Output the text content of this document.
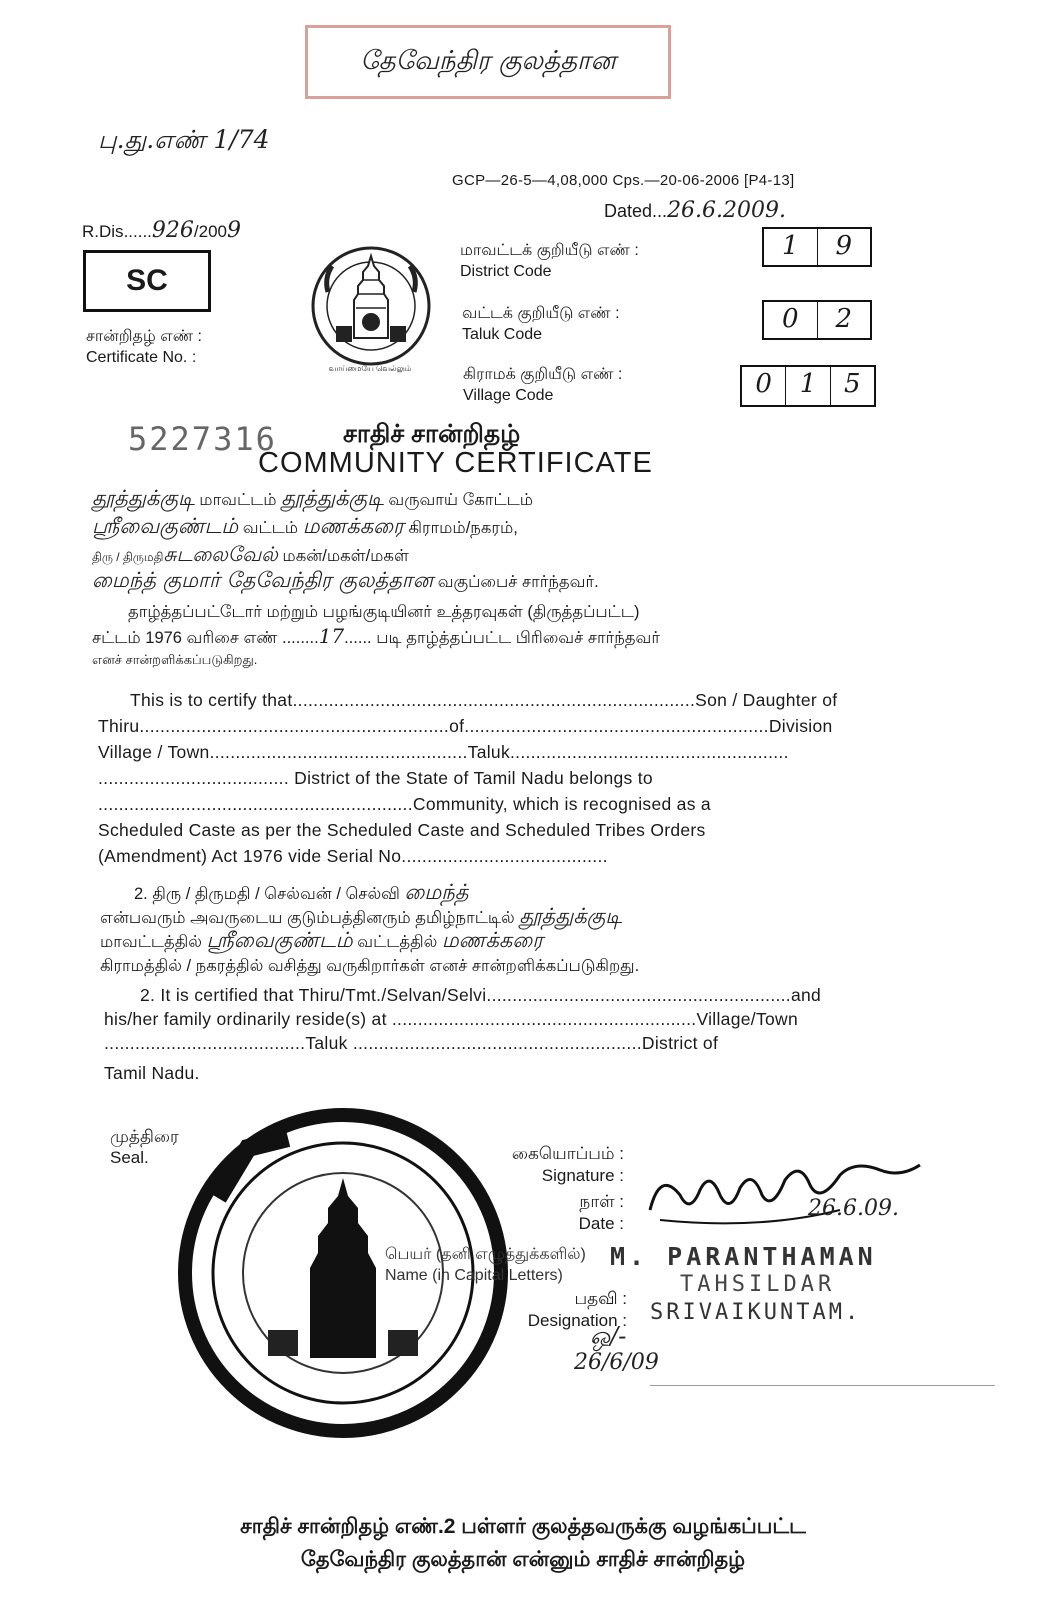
தேவேந்திர குலத்தான
பு.து.எண் 1/74
GCP—26-5—4,08,000 Cps.—20-06-2006 [P4-13]
Dated...26.6.2009.
R.Dis......926/2009
SC
சான்றிதழ் எண் :
Certificate No. :
வாய்மையே வெல்லும்
மாவட்டக் குறியீடு எண் :
District Code
1	9
வட்டக் குறியீடு எண் :
Taluk Code
0	2
கிராமக் குறியீடு எண் :
Village Code	0	1	5
5227316	சாதிச் சான்றிதழ்
COMMUNITY CERTIFICATE
தூத்துக்குடி மாவட்டம் தூத்துக்குடி வருவாய் கோட்டம்
ஸ்ரீவைகுண்டம் வட்டம் மணக்கரை கிராமம்/நகரம்,
திரு / திருமதிசுடலைவேல் மகன்/மகள்/மகள்
மைந்த் குமார் தேவேந்திர குலத்தான வகுப்பைச் சார்ந்தவர்.
தாழ்த்தப்பட்டோர் மற்றும் பழங்குடியினர் உத்தரவுகள் (திருத்தப்பட்ட)
சட்டம் 1976 வரிசை எண் ........17...... படி தாழ்த்தப்பட்ட பிரிவைச் சார்ந்தவர்
எனச் சான்றளிக்கப்படுகிறது.
This is to certify that..............................................................................Son / Daughter of
Thiru............................................................of...........................................................Division
Village / Town..................................................Taluk......................................................
..................................... District of the State of Tamil Nadu belongs to
.............................................................Community, which is recognised as a
Scheduled Caste as per the Scheduled Caste and Scheduled Tribes Orders
(Amendment) Act 1976 vide Serial No........................................
2. திரு / திருமதி / செல்வன் / செல்வி மைந்த்
என்பவரும் அவருடைய குடும்பத்தினரும் தமிழ்நாட்டில் தூத்துக்குடி
மாவட்டத்தில் ஸ்ரீவைகுண்டம் வட்டத்தில் மணக்கரை
கிராமத்தில் / நகரத்தில் வசித்து வருகிறார்கள் எனச் சான்றளிக்கப்படுகிறது.
2. It is certified that Thiru/Tmt./Selvan/Selvi...........................................................and
his/her family ordinarily reside(s) at ...........................................................Village/Town
.......................................Taluk ........................................................District of
Tamil Nadu.
முத்திரை
Seal.	கையொப்பம் :
Signature :
நாள் :
Date :
26.6.09.
பெயர் (தனி எழுத்துக்களில்)
Name (in Capital Letters)
M. PARANTHAMAN
TAHSILDAR
பதவி :
Designation : SRIVAIKUNTAM.
ஒ/-
26/6/09
சாதிச் சான்றிதழ் எண்.2 பள்ளர் குலத்தவருக்கு வழங்கப்பட்ட
தேவேந்திர குலத்தான் என்னும் சாதிச் சான்றிதழ்
